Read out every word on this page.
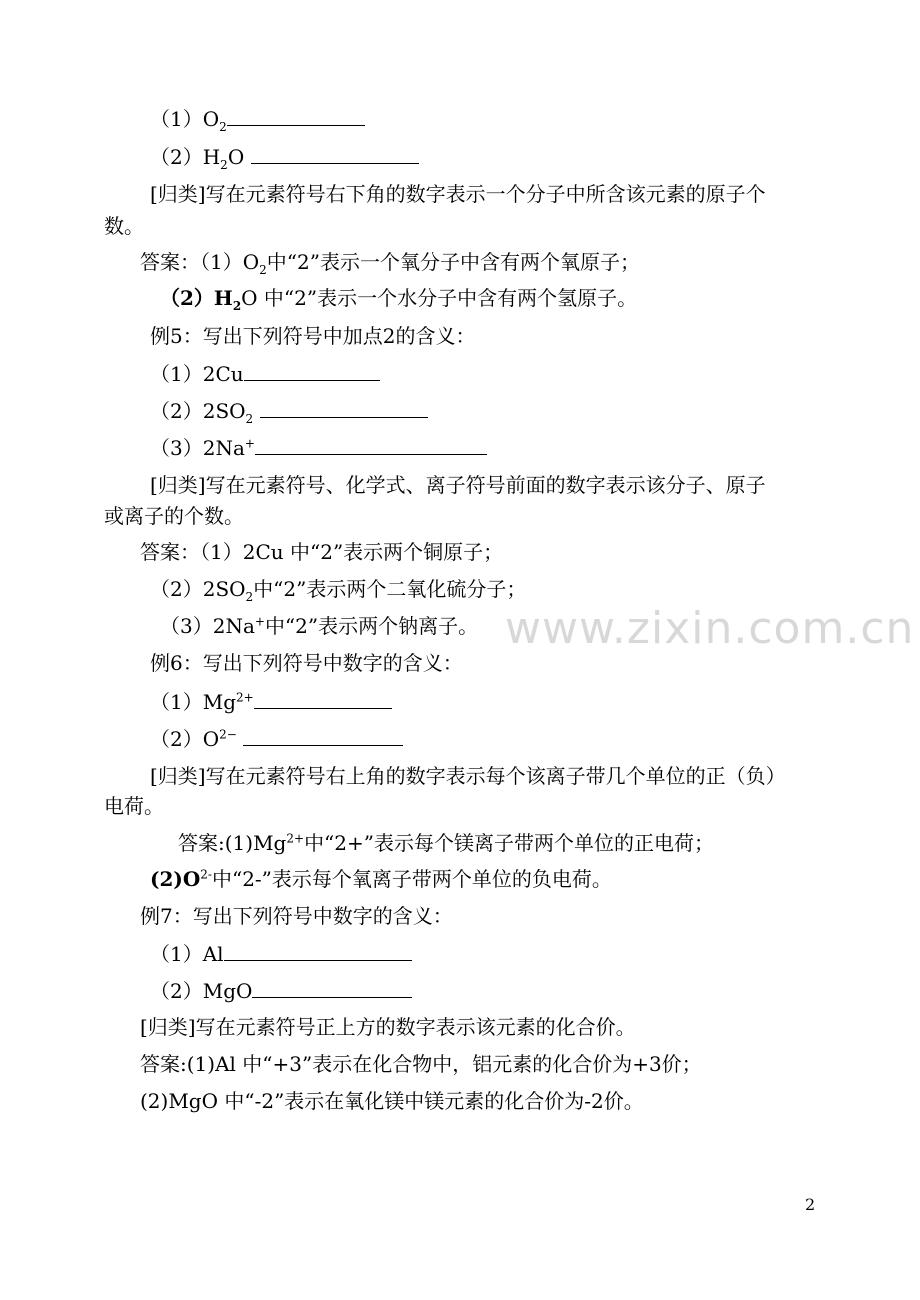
$(1)O_2$
$(2)H_2O$
[归类]写在元素符号右下角的数字表示一个分子中所含该元素的原子个
数。
答案：$(1)O_2$中“2”表示一个氧分子中含有两个氧原子；
$(2)H_2O$ 中“2”表示一个水分子中含有两个氢原子。
例5：写出下列符号中加点2的含义：
（1）2Cu
$(2)2SO_2$
（3）2Na+
[归类]写在元素符号、化学式、离子符号前面的数字表示该分子、原子
或离子的个数。
答案：（1）2Cu 中“2”表示两个铜原子；
$(2)2SO_2$中“2”表示两个二氧化硫分子；
（3）2Na+中“2”表示两个钠离子。
例6：写出下列符号中数字的含义：
$(1)Mg^{2+}$
$(2)O^{2-}$
[归类]写在元素符号右上角的数字表示每个该离子带几个单位的正（负）
电荷。
答案$:(1)Mg^{2+}$中“2+”表示每个镁离子带两个单位的正电荷；
$(2)O^{2-}$中“2-”表示每个氧离子带两个单位的负电荷。
例7：写出下列符号中数字的含义：
（1）Al
（2）MgO
[归类]写在元素符号正上方的数字表示该元素的化合价。
答案:(1)Al 中“+3”表示在化合物中，铝元素的化合价为+3价；
(2)MgO 中“-2”表示在氧化镁中镁元素的化合价为-2价。
www.zixin.com.cn
2
